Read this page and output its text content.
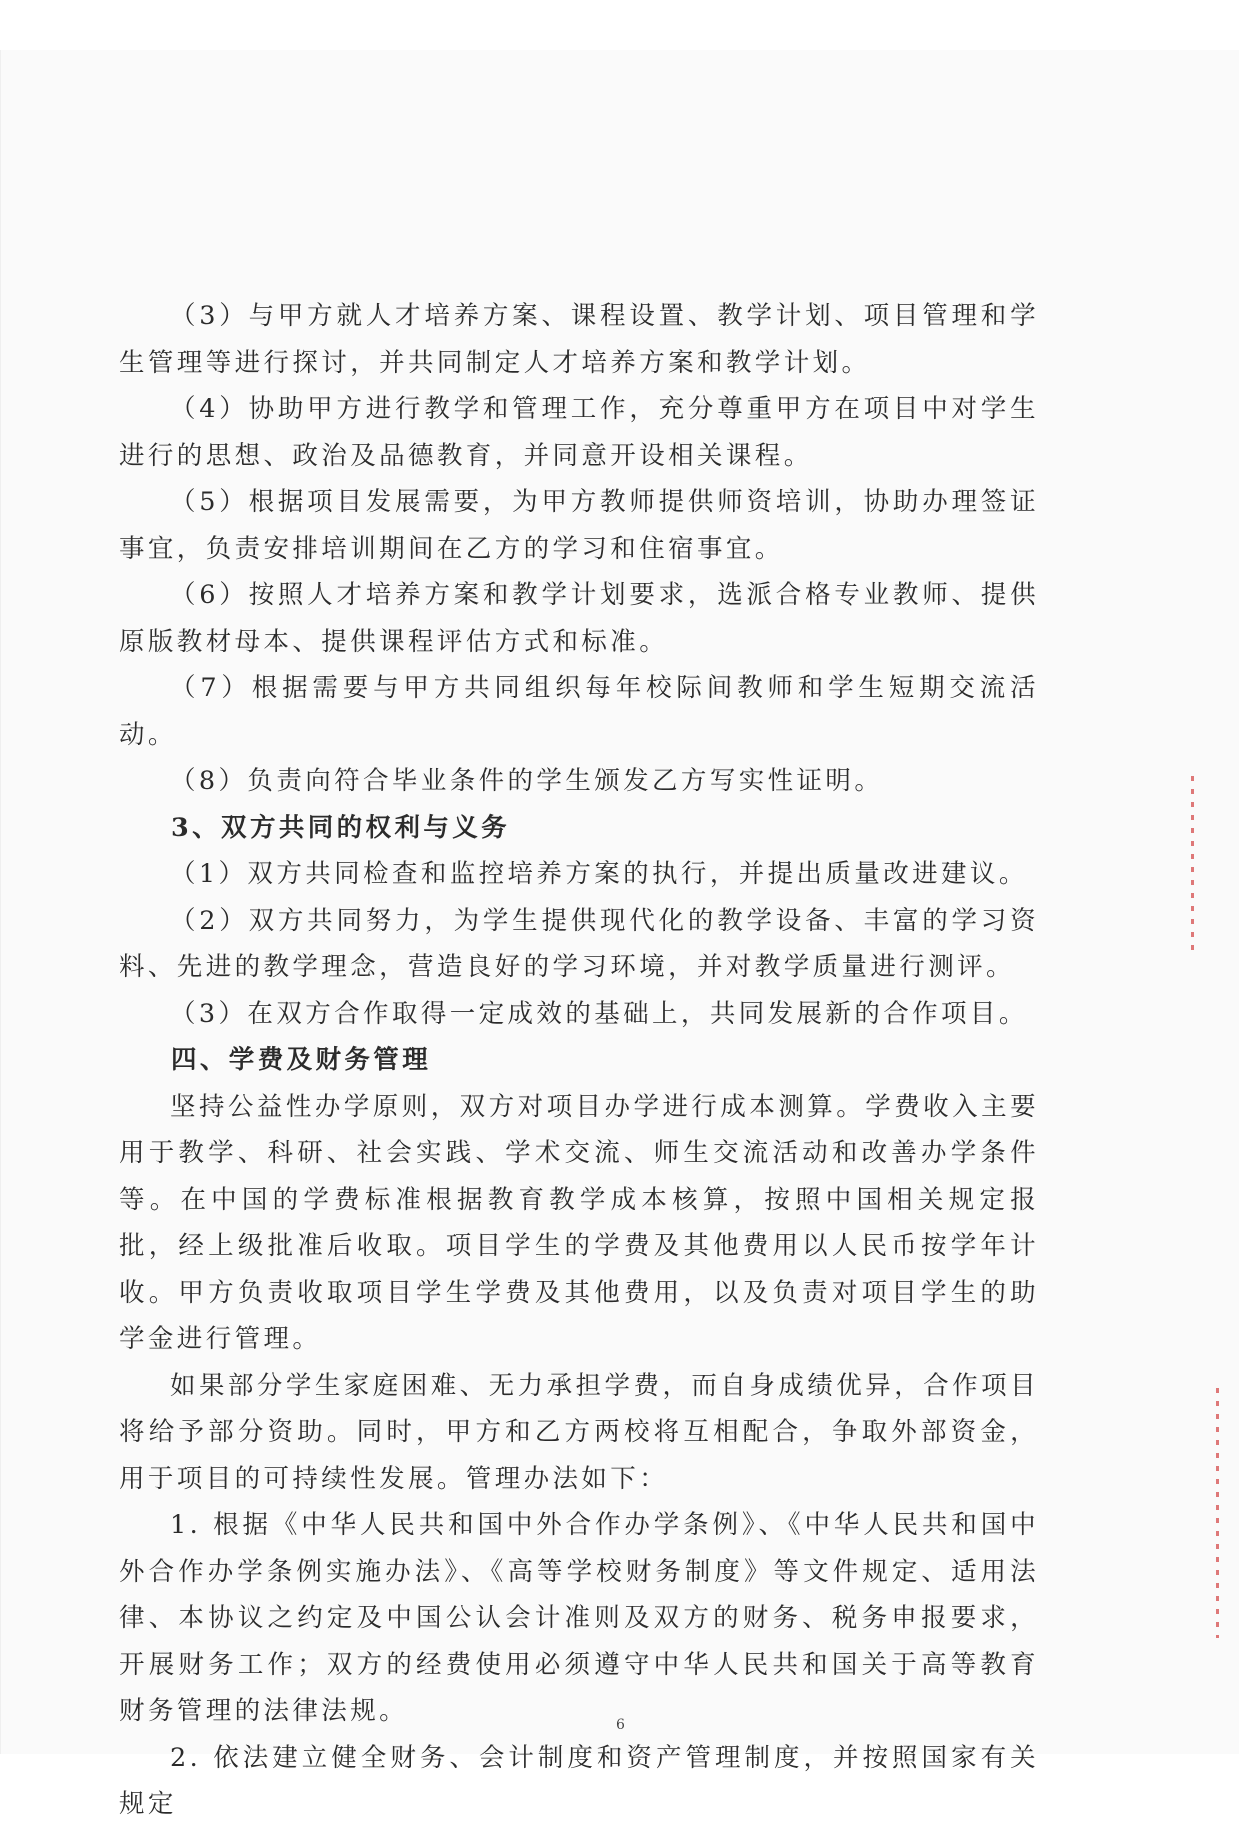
（3）与甲方就人才培养方案、课程设置、教学计划、项目管理和学生管理等进行探讨，并共同制定人才培养方案和教学计划。

（4）协助甲方进行教学和管理工作，充分尊重甲方在项目中对学生进行的思想、政治及品德教育，并同意开设相关课程。

（5）根据项目发展需要，为甲方教师提供师资培训，协助办理签证事宜，负责安排培训期间在乙方的学习和住宿事宜。

（6）按照人才培养方案和教学计划要求，选派合格专业教师、提供原版教材母本、提供课程评估方式和标准。

（7）根据需要与甲方共同组织每年校际间教师和学生短期交流活动。

（8）负责向符合毕业条件的学生颁发乙方写实性证明。

3、双方共同的权利与义务

（1）双方共同检查和监控培养方案的执行，并提出质量改进建议。

（2）双方共同努力，为学生提供现代化的教学设备、丰富的学习资料、先进的教学理念，营造良好的学习环境，并对教学质量进行测评。

（3）在双方合作取得一定成效的基础上，共同发展新的合作项目。

四、学费及财务管理

坚持公益性办学原则，双方对项目办学进行成本测算。学费收入主要用于教学、科研、社会实践、学术交流、师生交流活动和改善办学条件等。在中国的学费标准根据教育教学成本核算，按照中国相关规定报批，经上级批准后收取。项目学生的学费及其他费用以人民币按学年计收。甲方负责收取项目学生学费及其他费用，以及负责对项目学生的助学金进行管理。

如果部分学生家庭困难、无力承担学费，而自身成绩优异，合作项目将给予部分资助。同时，甲方和乙方两校将互相配合，争取外部资金，用于项目的可持续性发展。管理办法如下：

1. 根据《中华人民共和国中外合作办学条例》、《中华人民共和国中外合作办学条例实施办法》、《高等学校财务制度》等文件规定、适用法律、本协议之约定及中国公认会计准则及双方的财务、税务申报要求，开展财务工作；双方的经费使用必须遵守中华人民共和国关于高等教育财务管理的法律法规。

2. 依法建立健全财务、会计制度和资产管理制度，并按照国家有关规定

6
